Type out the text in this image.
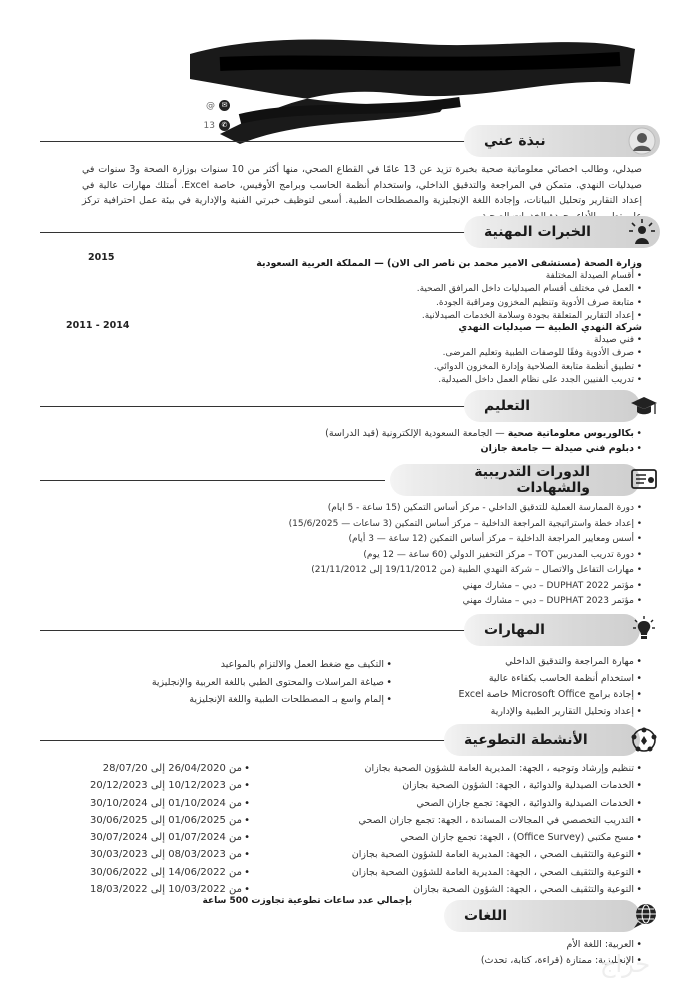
@ ✉
13 ✆
نبذة عني
صيدلي، وطالب اخصائي معلوماتية صحية بخبرة تزيد عن 13 عامًا في القطاع الصحي، منها أكثر من 10 سنوات بوزارة الصحة و3 سنوات في صيدليات النهدي. متمكن في المراجعة والتدقيق الداخلي، واستخدام أنظمة الحاسب وبرامج الأوفيس، خاصة Excel. أمتلك مهارات عالية في إعداد التقارير وتحليل البيانات، وإجادة اللغة الإنجليزية والمصطلحات الطبية. أسعى لتوظيف خبرتي الفنية والإدارية في بيئة عمل احترافية تركز
الخبرات المهنية
2015
وزارة الصحة (مستشفى الامير محمد بن ناصر الى الان) — المملكة العربية السعودية
• أقسام الصيدلة المختلفة
• العمل في مختلف أقسام الصيدليات داخل المرافق الصحية.
• متابعة صرف الأدوية وتنظيم المخزون ومراقبة الجودة.
• إعداد التقارير المتعلقة بجودة وسلامة الخدمات الصيدلانية.
2011 - 2014	شركة النهدي الطبية — صيدليات النهدي
• فني صيدلة
• صرف الأدوية وفقًا للوصفات الطبية وتعليم المرضى.
• تطبيق أنظمة متابعة الصلاحية وإدارة المخزون الدوائي.
• تدريب الفنيين الجدد على نظام العمل داخل الصيدلية.
التعليم
• بكالوريوس معلوماتية صحية — الجامعة السعودية الإلكترونية (قيد الدراسة)
• دبلوم فني صيدلة — جامعة جازان
الدورات التدريبية والشهادات
• دورة الممارسة العملية للتدقيق الداخلي - مركز أساس التمكين (15 ساعة - 5 ايام)
• إعداد خطة واستراتيجية المراجعة الداخلية – مركز أساس التمكين (3 ساعات — 15/6/2025)
• أسس ومعايير المراجعة الداخلية – مركز أساس التمكين (12 ساعة — 3 أيام)
• دورة تدريب المدربين TOT – مركز التحفيز الدولي (60 ساعة — 12 يوم)
• مهارات التفاعل والاتصال – شركة النهدي الطبية (من 19/11/2012 إلى 21/11/2012)
• مؤتمر DUPHAT 2022 – دبي – مشارك مهني
• مؤتمر DUPHAT 2023 – دبي – مشارك مهني
المهارات
• مهارة المراجعة والتدقيق الداخلي
• استخدام أنظمة الحاسب بكفاءة عالية
• إجادة برامج Microsoft Office خاصة Excel
• إعداد وتحليل التقارير الطبية والإدارية
• التكيف مع ضغط العمل والالتزام بالمواعيد
• صياغة المراسلات والمحتوى الطبي باللغة العربية والإنجليزية
• إلمام واسع بـ المصطلحات الطبية واللغة الإنجليزية
الأنشطة التطوعية
• تنظيم وإرشاد وتوجيه ، الجهة: المديرية العامة للشؤون الصحية بجازان
• الخدمات الصيدلية والدوائية ، الجهة: الشؤون الصحية بجازان
• الخدمات الصيدلية والدوائية ، الجهة: تجمع جازان الصحي
• التدريب التخصصي في المجالات المساندة ، الجهة: تجمع جازان الصحي
• مسح مكتبي (Office Survey) ، الجهة: تجمع جازان الصحي
• التوعية والتثقيف الصحي ، الجهة: المديرية العامة للشؤون الصحية بجازان
• التوعية والتثقيف الصحي ، الجهة: المديرية العامة للشؤون الصحية بجازان
• التوعية والتثقيف الصحي ، الجهة: الشؤون الصحية بجازان
• من 26/04/2020 إلى 28/07/20
• من 10/12/2023 إلى 20/12/2023
• من 01/10/2024 إلى 30/10/2024
• من 01/06/2025 إلى 30/06/2025
• من 01/07/2024 إلى 30/07/2024
• من 08/03/2023 إلى 30/03/2023
• من 14/06/2022 إلى 30/06/2022
• من 10/03/2022 إلى 18/03/2022
بإجمالي عدد ساعات تطوعية تجاوزت 500 ساعة
اللغات
• العربية: اللغة الأم
• الإنجليزية: ممتازة (قراءة، كتابة، تحدث)
حراج
